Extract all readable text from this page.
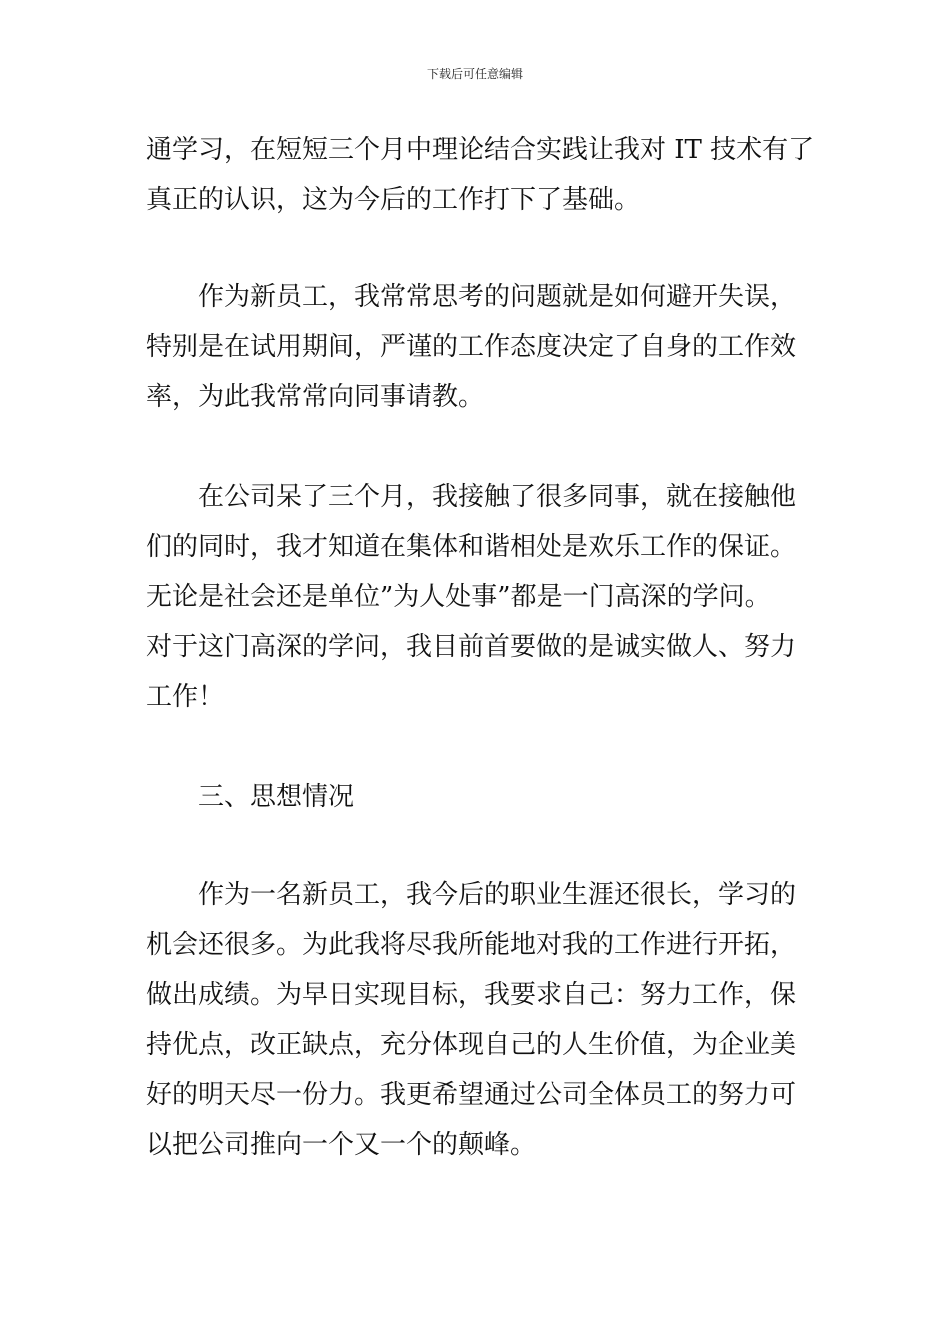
下载后可任意编辑
通学习，在短短三个月中理论结合实践让我对 IT 技术有了
真正的认识，这为今后的工作打下了基础。
作为新员工，我常常思考的问题就是如何避开失误，
特别是在试用期间，严谨的工作态度决定了自身的工作效
率，为此我常常向同事请教。
在公司呆了三个月，我接触了很多同事，就在接触他
们的同时，我才知道在集体和谐相处是欢乐工作的保证。
无论是社会还是单位”为人处事”都是一门高深的学问。
对于这门高深的学问，我目前首要做的是诚实做人、努力
工作！
三、思想情况
作为一名新员工，我今后的职业生涯还很长，学习的
机会还很多。为此我将尽我所能地对我的工作进行开拓，
做出成绩。为早日实现目标，我要求自己：努力工作，保
持优点，改正缺点，充分体现自己的人生价值，为企业美
好的明天尽一份力。我更希望通过公司全体员工的努力可
以把公司推向一个又一个的颠峰。
